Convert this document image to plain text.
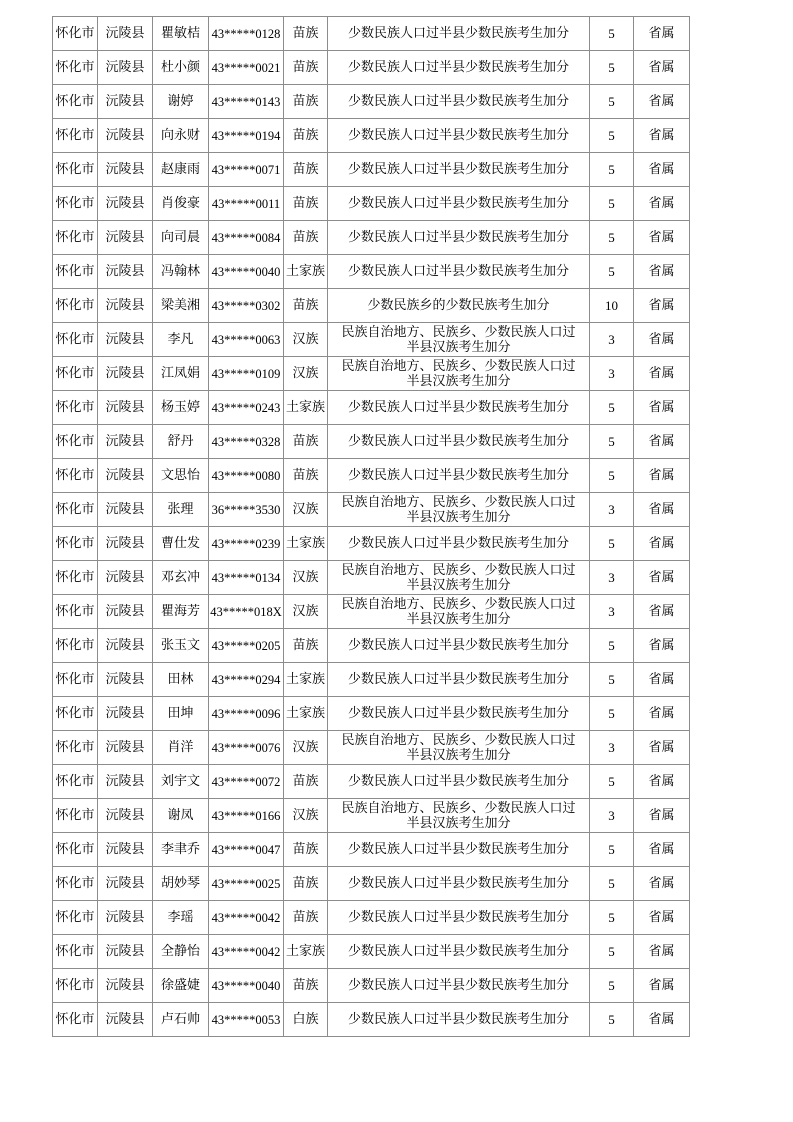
怀化市	沅陵县	瞿敏桔	43*****0128	苗族	少数民族人口过半县少数民族考生加分	5	省属
怀化市	沅陵县	杜小颜	43*****0021	苗族	少数民族人口过半县少数民族考生加分	5	省属
怀化市	沅陵县	谢婷	43*****0143	苗族	少数民族人口过半县少数民族考生加分	5	省属
怀化市	沅陵县	向永财	43*****0194	苗族	少数民族人口过半县少数民族考生加分	5	省属
怀化市	沅陵县	赵康雨	43*****0071	苗族	少数民族人口过半县少数民族考生加分	5	省属
怀化市	沅陵县	肖俊豪	43*****0011	苗族	少数民族人口过半县少数民族考生加分	5	省属
怀化市	沅陵县	向司晨	43*****0084	苗族	少数民族人口过半县少数民族考生加分	5	省属
怀化市	沅陵县	冯翰林	43*****0040	土家族	少数民族人口过半县少数民族考生加分	5	省属
怀化市	沅陵县	梁美湘	43*****0302	苗族	少数民族乡的少数民族考生加分	10	省属
怀化市	沅陵县	李凡	43*****0063	汉族	民族自治地方、民族乡、少数民族人口过半县汉族考生加分	3	省属
怀化市	沅陵县	江凤娟	43*****0109	汉族	民族自治地方、民族乡、少数民族人口过半县汉族考生加分	3	省属
怀化市	沅陵县	杨玉婷	43*****0243	土家族	少数民族人口过半县少数民族考生加分	5	省属
怀化市	沅陵县	舒丹	43*****0328	苗族	少数民族人口过半县少数民族考生加分	5	省属
怀化市	沅陵县	文思怡	43*****0080	苗族	少数民族人口过半县少数民族考生加分	5	省属
怀化市	沅陵县	张理	36*****3530	汉族	民族自治地方、民族乡、少数民族人口过半县汉族考生加分	3	省属
怀化市	沅陵县	曹仕发	43*****0239	土家族	少数民族人口过半县少数民族考生加分	5	省属
怀化市	沅陵县	邓玄冲	43*****0134	汉族	民族自治地方、民族乡、少数民族人口过半县汉族考生加分	3	省属
怀化市	沅陵县	瞿海芳	43*****018X	汉族	民族自治地方、民族乡、少数民族人口过半县汉族考生加分	3	省属
怀化市	沅陵县	张玉文	43*****0205	苗族	少数民族人口过半县少数民族考生加分	5	省属
怀化市	沅陵县	田林	43*****0294	土家族	少数民族人口过半县少数民族考生加分	5	省属
怀化市	沅陵县	田坤	43*****0096	土家族	少数民族人口过半县少数民族考生加分	5	省属
怀化市	沅陵县	肖洋	43*****0076	汉族	民族自治地方、民族乡、少数民族人口过半县汉族考生加分	3	省属
怀化市	沅陵县	刘宇文	43*****0072	苗族	少数民族人口过半县少数民族考生加分	5	省属
怀化市	沅陵县	谢凤	43*****0166	汉族	民族自治地方、民族乡、少数民族人口过半县汉族考生加分	3	省属
怀化市	沅陵县	李聿乔	43*****0047	苗族	少数民族人口过半县少数民族考生加分	5	省属
怀化市	沅陵县	胡妙琴	43*****0025	苗族	少数民族人口过半县少数民族考生加分	5	省属
怀化市	沅陵县	李瑶	43*****0042	苗族	少数民族人口过半县少数民族考生加分	5	省属
怀化市	沅陵县	全静怡	43*****0042	土家族	少数民族人口过半县少数民族考生加分	5	省属
怀化市	沅陵县	徐盛婕	43*****0040	苗族	少数民族人口过半县少数民族考生加分	5	省属
怀化市	沅陵县	卢石帅	43*****0053	白族	少数民族人口过半县少数民族考生加分	5	省属
